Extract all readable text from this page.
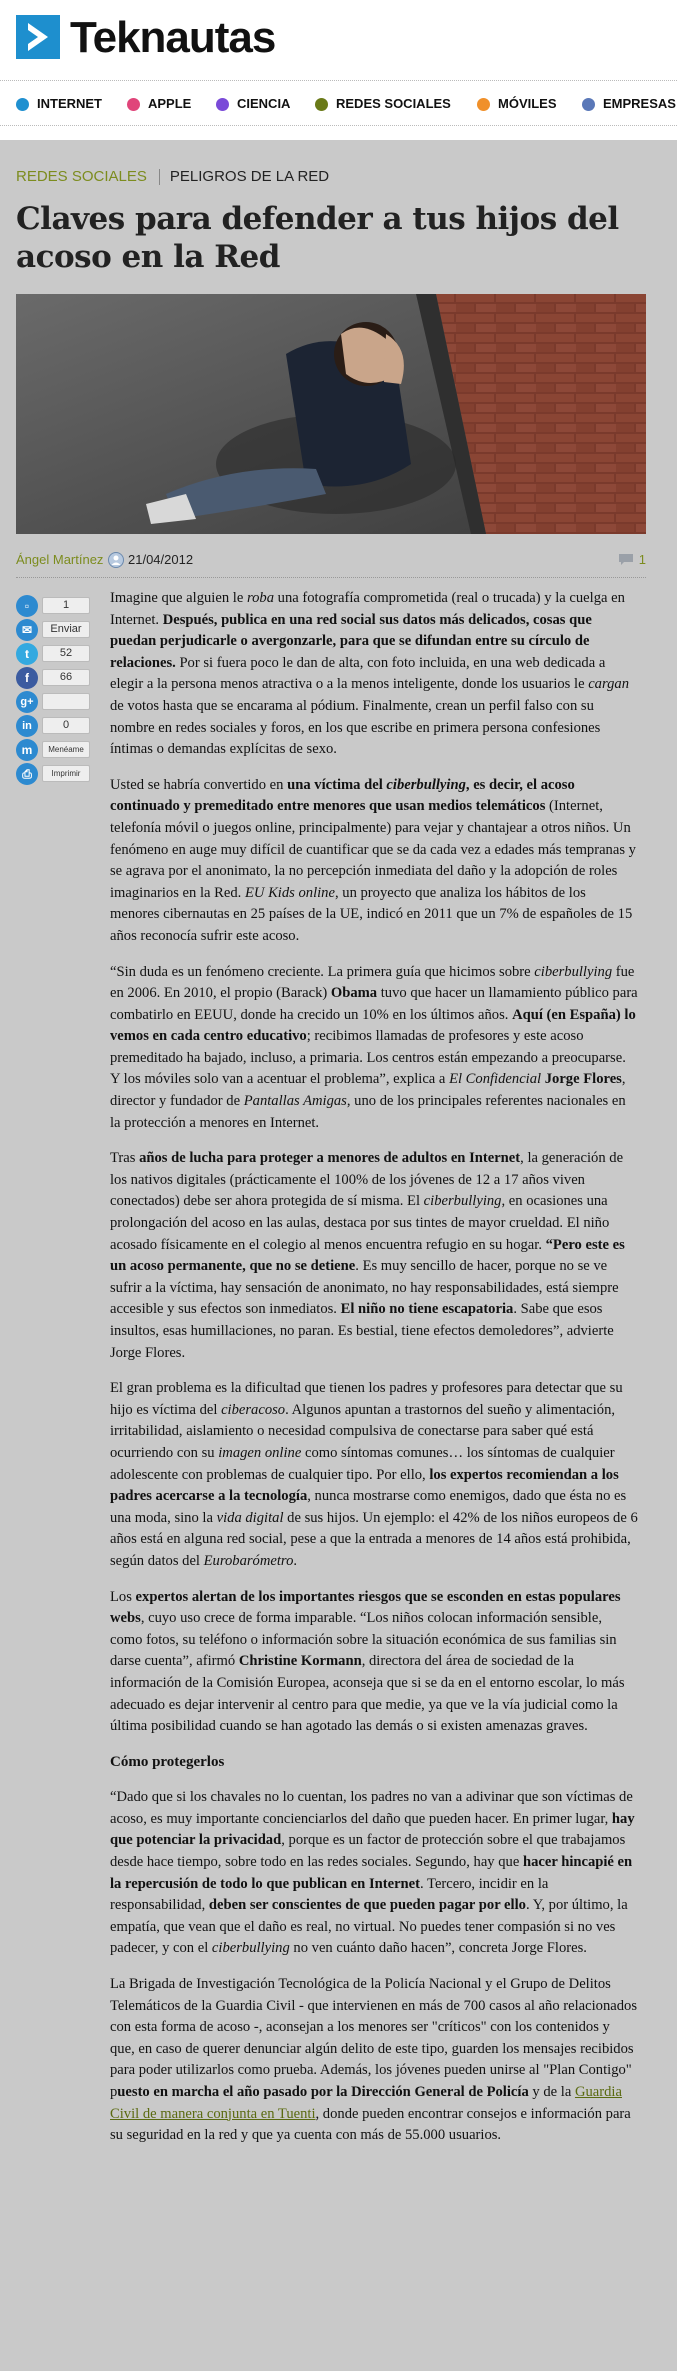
Teknautas
INTERNET	APPLE	CIENCIA	REDES SOCIALES	MÓVILES	EMPRESAS
REDES SOCIALES PELIGROS DE LA RED
Claves para defender a tus hijos del acoso en la Red
Ángel Martínez 21/04/2012	1
▫	1
✉	Enviar
t	52
f	66
g+
in	0
m	Menéame
⎙	Imprimir

Imagine que alguien le roba una fotografía comprometida (real o trucada) y la cuelga en Internet. Después, publica en una red social sus datos más delicados, cosas que puedan perjudicarle o avergonzarle, para que se difundan entre su círculo de relaciones. Por si fuera poco le dan de alta, con foto incluida, en una web dedicada a elegir a la persona menos atractiva o a la menos inteligente, donde los usuarios le cargan de votos hasta que se encarama al pódium. Finalmente, crean un perfil falso con su nombre en redes sociales y foros, en los que escribe en primera persona confesiones íntimas o demandas explícitas de sexo.

Usted se habría convertido en una víctima del ciberbullying, es decir, el acoso continuado y premeditado entre menores que usan medios telemáticos (Internet, telefonía móvil o juegos online, principalmente) para vejar y chantajear a otros niños. Un fenómeno en auge muy difícil de cuantificar que se da cada vez a edades más tempranas y se agrava por el anonimato, la no percepción inmediata del daño y la adopción de roles imaginarios en la Red. EU Kids online, un proyecto que analiza los hábitos de los menores cibernautas en 25 países de la UE, indicó en 2011 que un 7% de españoles de 15 años reconocía sufrir este acoso.

“Sin duda es un fenómeno creciente. La primera guía que hicimos sobre ciberbullying fue en 2006. En 2010, el propio (Barack) Obama tuvo que hacer un llamamiento público para combatirlo en EEUU, donde ha crecido un 10% en los últimos años. Aquí (en España) lo vemos en cada centro educativo; recibimos llamadas de profesores y este acoso premeditado ha bajado, incluso, a primaria. Los centros están empezando a preocuparse. Y los móviles solo van a acentuar el problema”, explica a El Confidencial Jorge Flores, director y fundador de Pantallas Amigas, uno de los principales referentes nacionales en la protección a menores en Internet.

Tras años de lucha para proteger a menores de adultos en Internet, la generación de los nativos digitales (prácticamente el 100% de los jóvenes de 12 a 17 años viven conectados) debe ser ahora protegida de sí misma. El ciberbullying, en ocasiones una prolongación del acoso en las aulas, destaca por sus tintes de mayor crueldad. El niño acosado físicamente en el colegio al menos encuentra refugio en su hogar. “Pero este es un acoso permanente, que no se detiene. Es muy sencillo de hacer, porque no se ve sufrir a la víctima, hay sensación de anonimato, no hay responsabilidades, está siempre accesible y sus efectos son inmediatos. El niño no tiene escapatoria. Sabe que esos insultos, esas humillaciones, no paran. Es bestial, tiene efectos demoledores”, advierte Jorge Flores.

El gran problema es la dificultad que tienen los padres y profesores para detectar que su hijo es víctima del ciberacoso. Algunos apuntan a trastornos del sueño y alimentación, irritabilidad, aislamiento o necesidad compulsiva de conectarse para saber qué está ocurriendo con su imagen online como síntomas comunes… los síntomas de cualquier adolescente con problemas de cualquier tipo. Por ello, los expertos recomiendan a los padres acercarse a la tecnología, nunca mostrarse como enemigos, dado que ésta no es una moda, sino la vida digital de sus hijos. Un ejemplo: el 42% de los niños europeos de 6 años está en alguna red social, pese a que la entrada a menores de 14 años está prohibida, según datos del Eurobarómetro.

Los expertos alertan de los importantes riesgos que se esconden en estas populares webs, cuyo uso crece de forma imparable. “Los niños colocan información sensible, como fotos, su teléfono o información sobre la situación económica de sus familias sin darse cuenta”, afirmó Christine Kormann, directora del área de sociedad de la información de la Comisión Europea, aconseja que si se da en el entorno escolar, lo más adecuado es dejar intervenir al centro para que medie, ya que ve la vía judicial como la última posibilidad cuando se han agotado las demás o si existen amenazas graves.

Cómo protegerlos

“Dado que si los chavales no lo cuentan, los padres no van a adivinar que son víctimas de acoso, es muy importante concienciarlos del daño que pueden hacer. En primer lugar, hay que potenciar la privacidad, porque es un factor de protección sobre el que trabajamos desde hace tiempo, sobre todo en las redes sociales. Segundo, hay que hacer hincapié en la repercusión de todo lo que publican en Internet. Tercero, incidir en la responsabilidad, deben ser conscientes de que pueden pagar por ello. Y, por último, la empatía, que vean que el daño es real, no virtual. No puedes tener compasión si no ves padecer, y con el ciberbullying no ven cuánto daño hacen”, concreta Jorge Flores.

La Brigada de Investigación Tecnológica de la Policía Nacional y el Grupo de Delitos Telemáticos de la Guardia Civil - que intervienen en más de 700 casos al año relacionados con esta forma de acoso -, aconsejan a los menores ser "críticos" con los contenidos y que, en caso de querer denunciar algún delito de este tipo, guarden los mensajes recibidos para poder utilizarlos como prueba. Además, los jóvenes pueden unirse al "Plan Contigo" puesto en marcha el año pasado por la Dirección General de Policía y de la Guardia Civil de manera conjunta en Tuenti, donde pueden encontrar consejos e información para su seguridad en la red y que ya cuenta con más de 55.000 usuarios.
